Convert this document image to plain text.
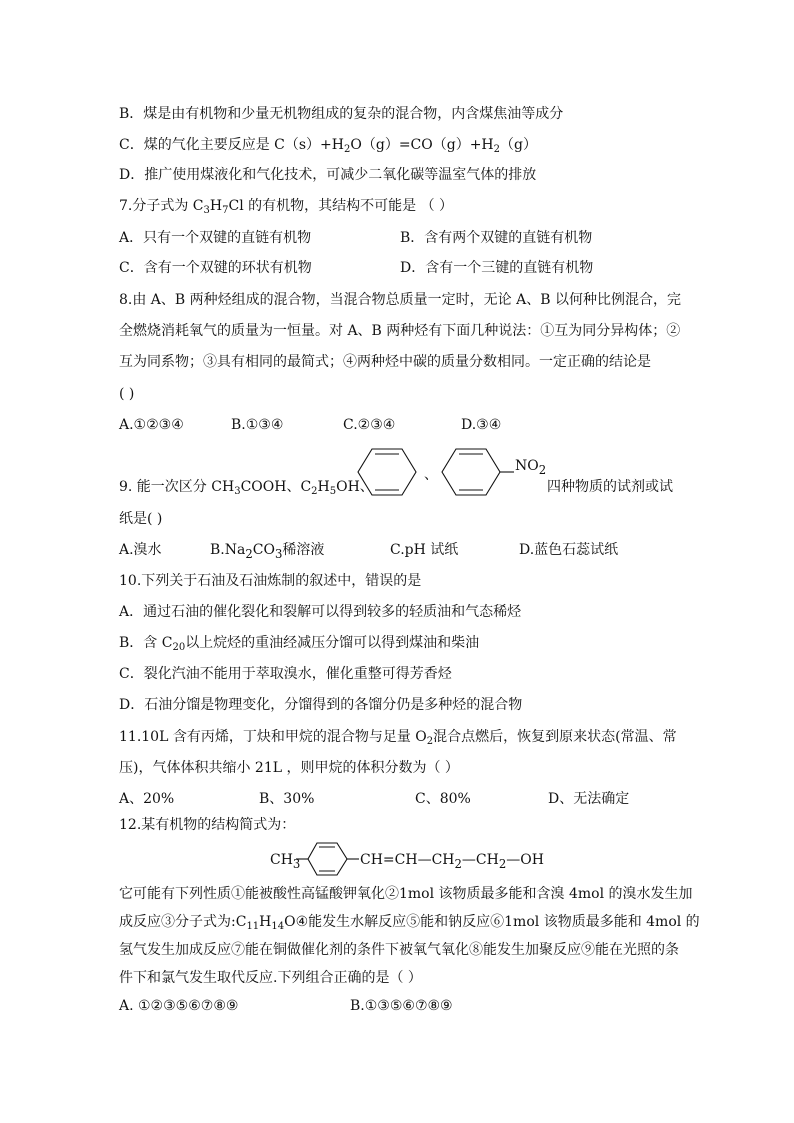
B．煤是由有机物和少量无机物组成的复杂的混合物，内含煤焦油等成分
C．煤的气化主要反应是 $C(s)+H_2O(g)=CO(g)+H_2(g)$
D．推广使用煤液化和气化技术，可减少二氧化碳等温室气体的排放
7.分子式为 $C_3H_7Cl$ 的有机物，其结构不可能是 （ ）
A．只有一个双键的直链有机物	B．含有两个双键的直链有机物
C．含有一个双键的环状有机物	D．含有一个三键的直链有机物
8.由 A、B 两种烃组成的混合物，当混合物总质量一定时，无论 A、B 以何种比例混合，完
全燃烧消耗氧气的质量为一恒量。对 A、B 两种烃有下面几种说法：①互为同分异构体；②
互为同系物；③具有相同的最简式；④两种烃中碳的质量分数相同。一定正确的结论是
( )
A.①②③④	B.①③④	C.②③④	D.③④
9. 能一次区分 $CH_3COOH$、$C_2H_5OH$、
、
$NO_2$
四种物质的试剂或试
纸是( )
A.溴水	$B.Na_2CO_3$稀溶液	C.pH 试纸	D.蓝色石蕊试纸
10.下列关于石油及石油炼制的叙述中，错误的是
A．通过石油的催化裂化和裂解可以得到较多的轻质油和气态稀烃
B．含 $C_{20}$以上烷烃的重油经减压分馏可以得到煤油和柴油
C．裂化汽油不能用于萃取溴水，催化重整可得芳香烃
D．石油分馏是物理变化，分馏得到的各馏分仍是多种烃的混合物
11.10L 含有丙烯，丁炔和甲烷的混合物与足量 $O_2$混合点燃后，恢复到原来状态(常温、常
压)，气体体积共缩小 21L ，则甲烷的体积分数为（ ）
A、20%	B、30%	C、80%	D、无法确定
12.某有机物的结构简式为：
$CH_3$	$CH=CH—CH_2—CH_2—OH$
它可能有下列性质①能被酸性高锰酸钾氧化②1mol 该物质最多能和含溴 4mol 的溴水发生加
成反应③分子式为$:C_{11}H_{14}O④$能发生水解反应⑤能和钠反应⑥1mol 该物质最多能和 4mol 的
氢气发生加成反应⑦能在铜做催化剂的条件下被氧气氧化⑧能发生加聚反应⑨能在光照的条
件下和氯气发生取代反应.下列组合正确的是（ ）
A. ①②③⑤⑥⑦⑧⑨	B.①③⑤⑥⑦⑧⑨
